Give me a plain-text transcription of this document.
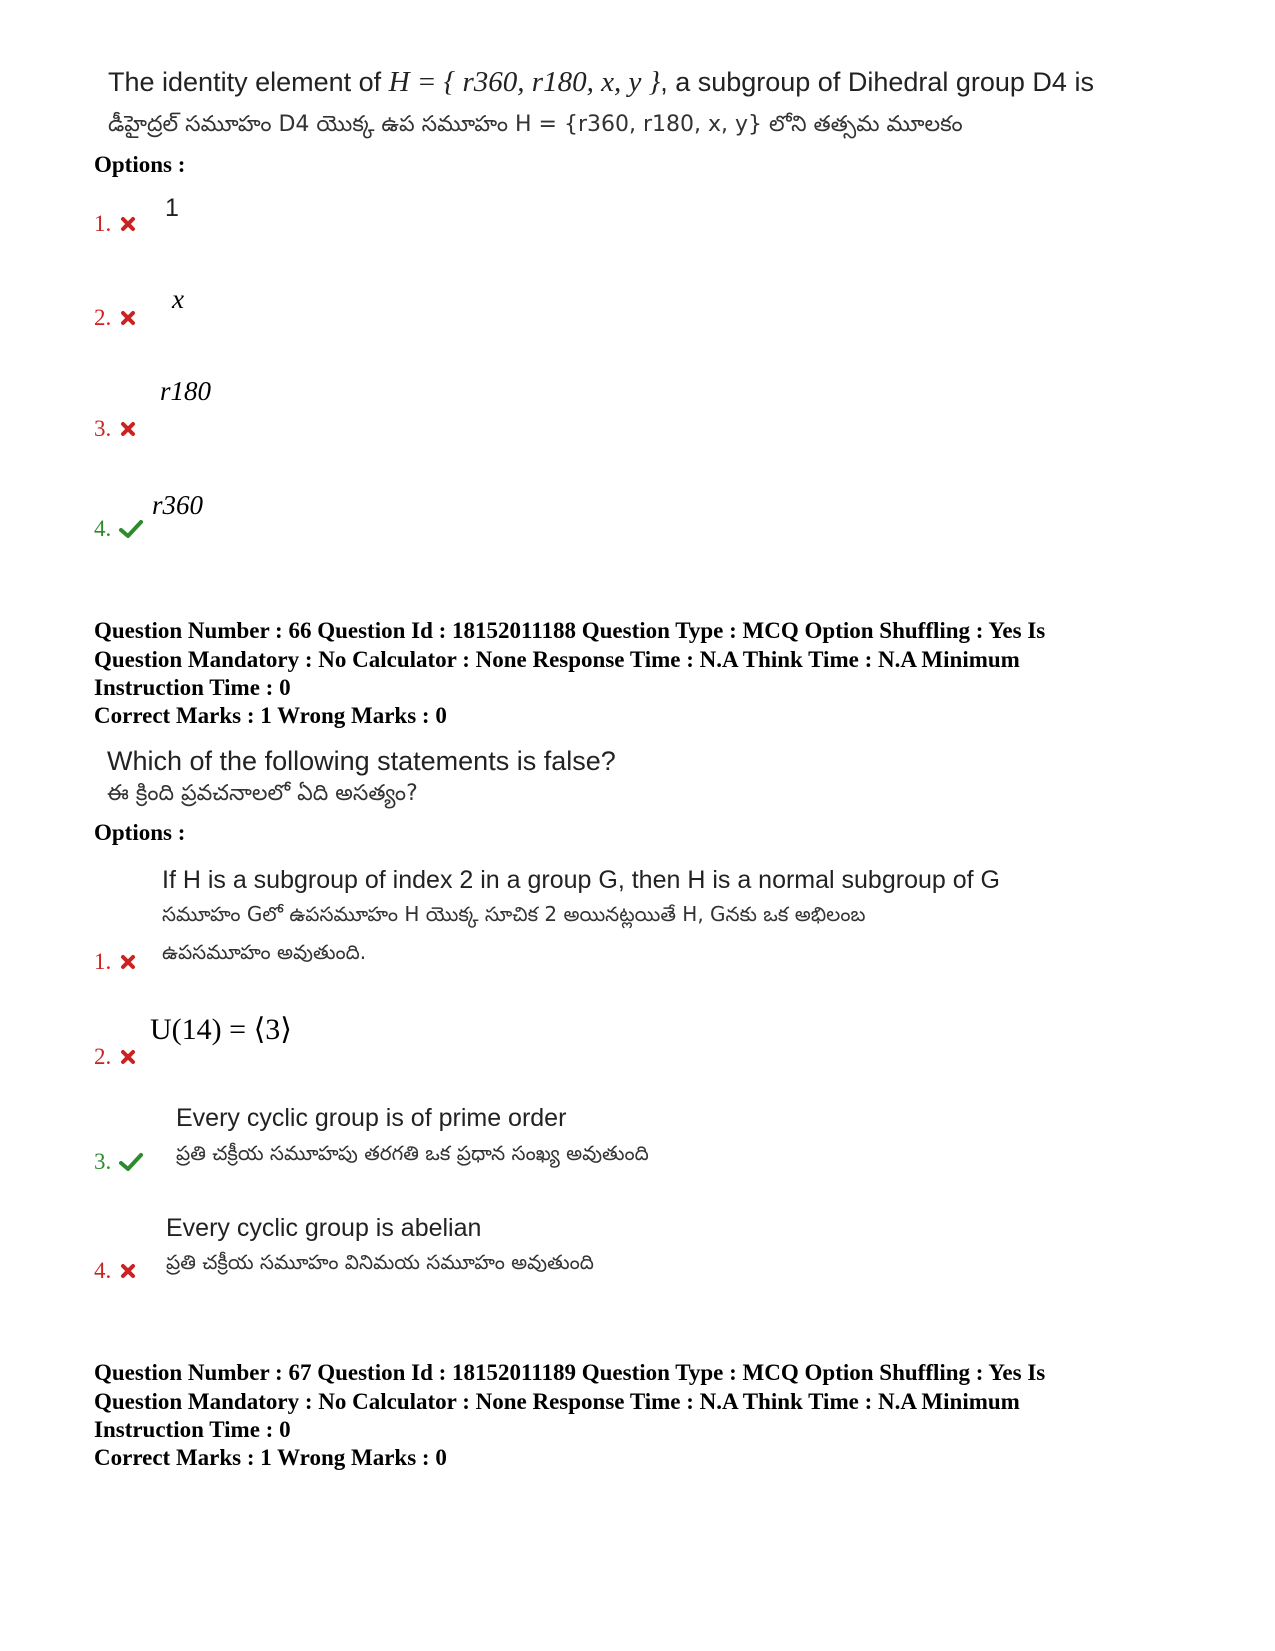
The identity element of H = { r360, r180, x, y }, a subgroup of Dihedral group D4 is
డీహైద్రల్ సమూహం D4 యొక్క ఉప సమూహం H = {r360, r180, x, y} లోని తత్సమ మూలకం
Options :
1
1.
x
2.
r180
3.
r360
4.
Question Number : 66 Question Id : 18152011188 Question Type : MCQ Option Shuffling : Yes Is
Question Mandatory : No Calculator : None Response Time : N.A Think Time : N.A Minimum
Instruction Time : 0
Correct Marks : 1 Wrong Marks : 0
Which of the following statements is false?
ఈ క్రింది ప్రవచనాలలో ఏది అసత్యం?
Options :
If H is a subgroup of index 2 in a group G, then H is a normal subgroup of G
సమూహం Gలో ఉపసమూహం H యొక్క సూచిక 2 అయినట్లయితే H, Gనకు ఒక అభిలంబ
ఉపసమూహం అవుతుంది.
1.
U(14) = ⟨3⟩
2.
Every cyclic group is of prime order
ప్రతి చక్రీయ సమూహపు తరగతి ఒక ప్రధాన సంఖ్య అవుతుంది
3.
Every cyclic group is abelian
ప్రతి చక్రీయ సమూహం వినిమయ సమూహం అవుతుంది
4.
Question Number : 67 Question Id : 18152011189 Question Type : MCQ Option Shuffling : Yes Is
Question Mandatory : No Calculator : None Response Time : N.A Think Time : N.A Minimum
Instruction Time : 0
Correct Marks : 1 Wrong Marks : 0
